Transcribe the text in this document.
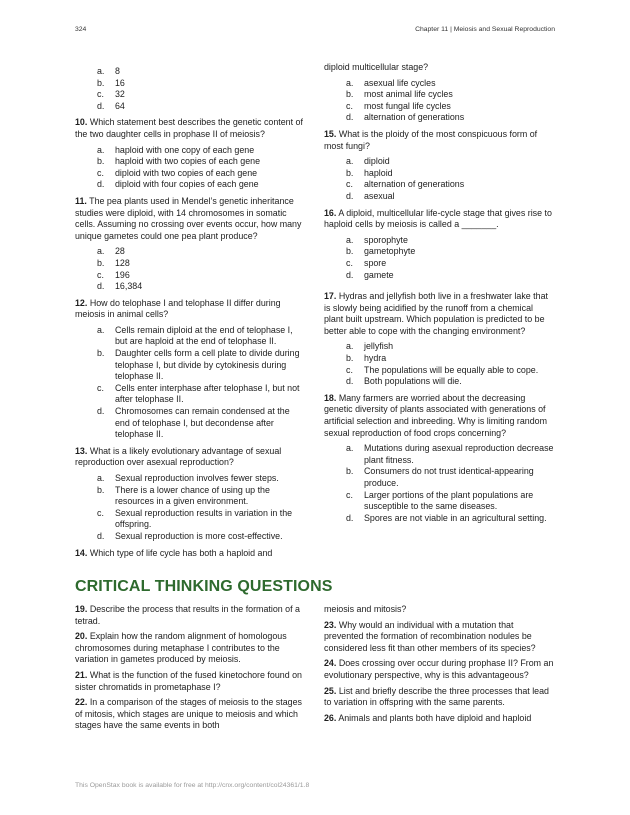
324	Chapter 11 | Meiosis and Sexual Reproduction

a. 8
b. 16
c. 32
d. 64

10. Which statement best describes the genetic content of the two daughter cells in prophase II of meiosis?

a. haploid with one copy of each gene
b. haploid with two copies of each gene
c. diploid with two copies of each gene
d. diploid with four copies of each gene

11. The pea plants used in Mendel’s genetic inheritance studies were diploid, with 14 chromosomes in somatic cells. Assuming no crossing over events occur, how many unique gametes could one pea plant produce?

a. 28
b. 128
c. 196
d. 16,384

12. How do telophase I and telophase II differ during meiosis in animal cells?

a. Cells remain diploid at the end of telophase I, but are haploid at the end of telophase II.
b. Daughter cells form a cell plate to divide during telophase I, but divide by cytokinesis during telophase II.
c. Cells enter interphase after telophase I, but not after telophase II.
d. Chromosomes can remain condensed at the end of telophase I, but decondense after telophase II.

13. What is a likely evolutionary advantage of sexual reproduction over asexual reproduction?

a. Sexual reproduction involves fewer steps.
b. There is a lower chance of using up the resources in a given environment.
c. Sexual reproduction results in variation in the offspring.
d. Sexual reproduction is more cost-effective.

14. Which type of life cycle has both a haploid and

diploid multicellular stage?

a. asexual life cycles
b. most animal life cycles
c. most fungal life cycles
d. alternation of generations

15. What is the ploidy of the most conspicuous form of most fungi?

a. diploid
b. haploid
c. alternation of generations
d. asexual

16. A diploid, multicellular life-cycle stage that gives rise to haploid cells by meiosis is called a _______.

a. sporophyte
b. gametophyte
c. spore
d. gamete

17. Hydras and jellyfish both live in a freshwater lake that is slowly being acidified by the runoff from a chemical plant built upstream. Which population is predicted to be better able to cope with the changing environment?

a. jellyfish
b. hydra
c. The populations will be equally able to cope.
d. Both populations will die.

18. Many farmers are worried about the decreasing genetic diversity of plants associated with generations of artificial selection and inbreeding. Why is limiting random sexual reproduction of food crops concerning?

a. Mutations during asexual reproduction decrease plant fitness.
b. Consumers do not trust identical-appearing produce.
c. Larger portions of the plant populations are susceptible to the same diseases.
d. Spores are not viable in an agricultural setting.
CRITICAL THINKING QUESTIONS

19. Describe the process that results in the formation of a tetrad.

20. Explain how the random alignment of homologous chromosomes during metaphase I contributes to the variation in gametes produced by meiosis.

21. What is the function of the fused kinetochore found on sister chromatids in prometaphase I?

22. In a comparison of the stages of meiosis to the stages of mitosis, which stages are unique to meiosis and which stages have the same events in both

meiosis and mitosis?

23. Why would an individual with a mutation that prevented the formation of recombination nodules be considered less fit than other members of its species?

24. Does crossing over occur during prophase II? From an evolutionary perspective, why is this advantageous?

25. List and briefly describe the three processes that lead to variation in offspring with the same parents.

26. Animals and plants both have diploid and haploid

This OpenStax book is available for free at http://cnx.org/content/col24361/1.8
